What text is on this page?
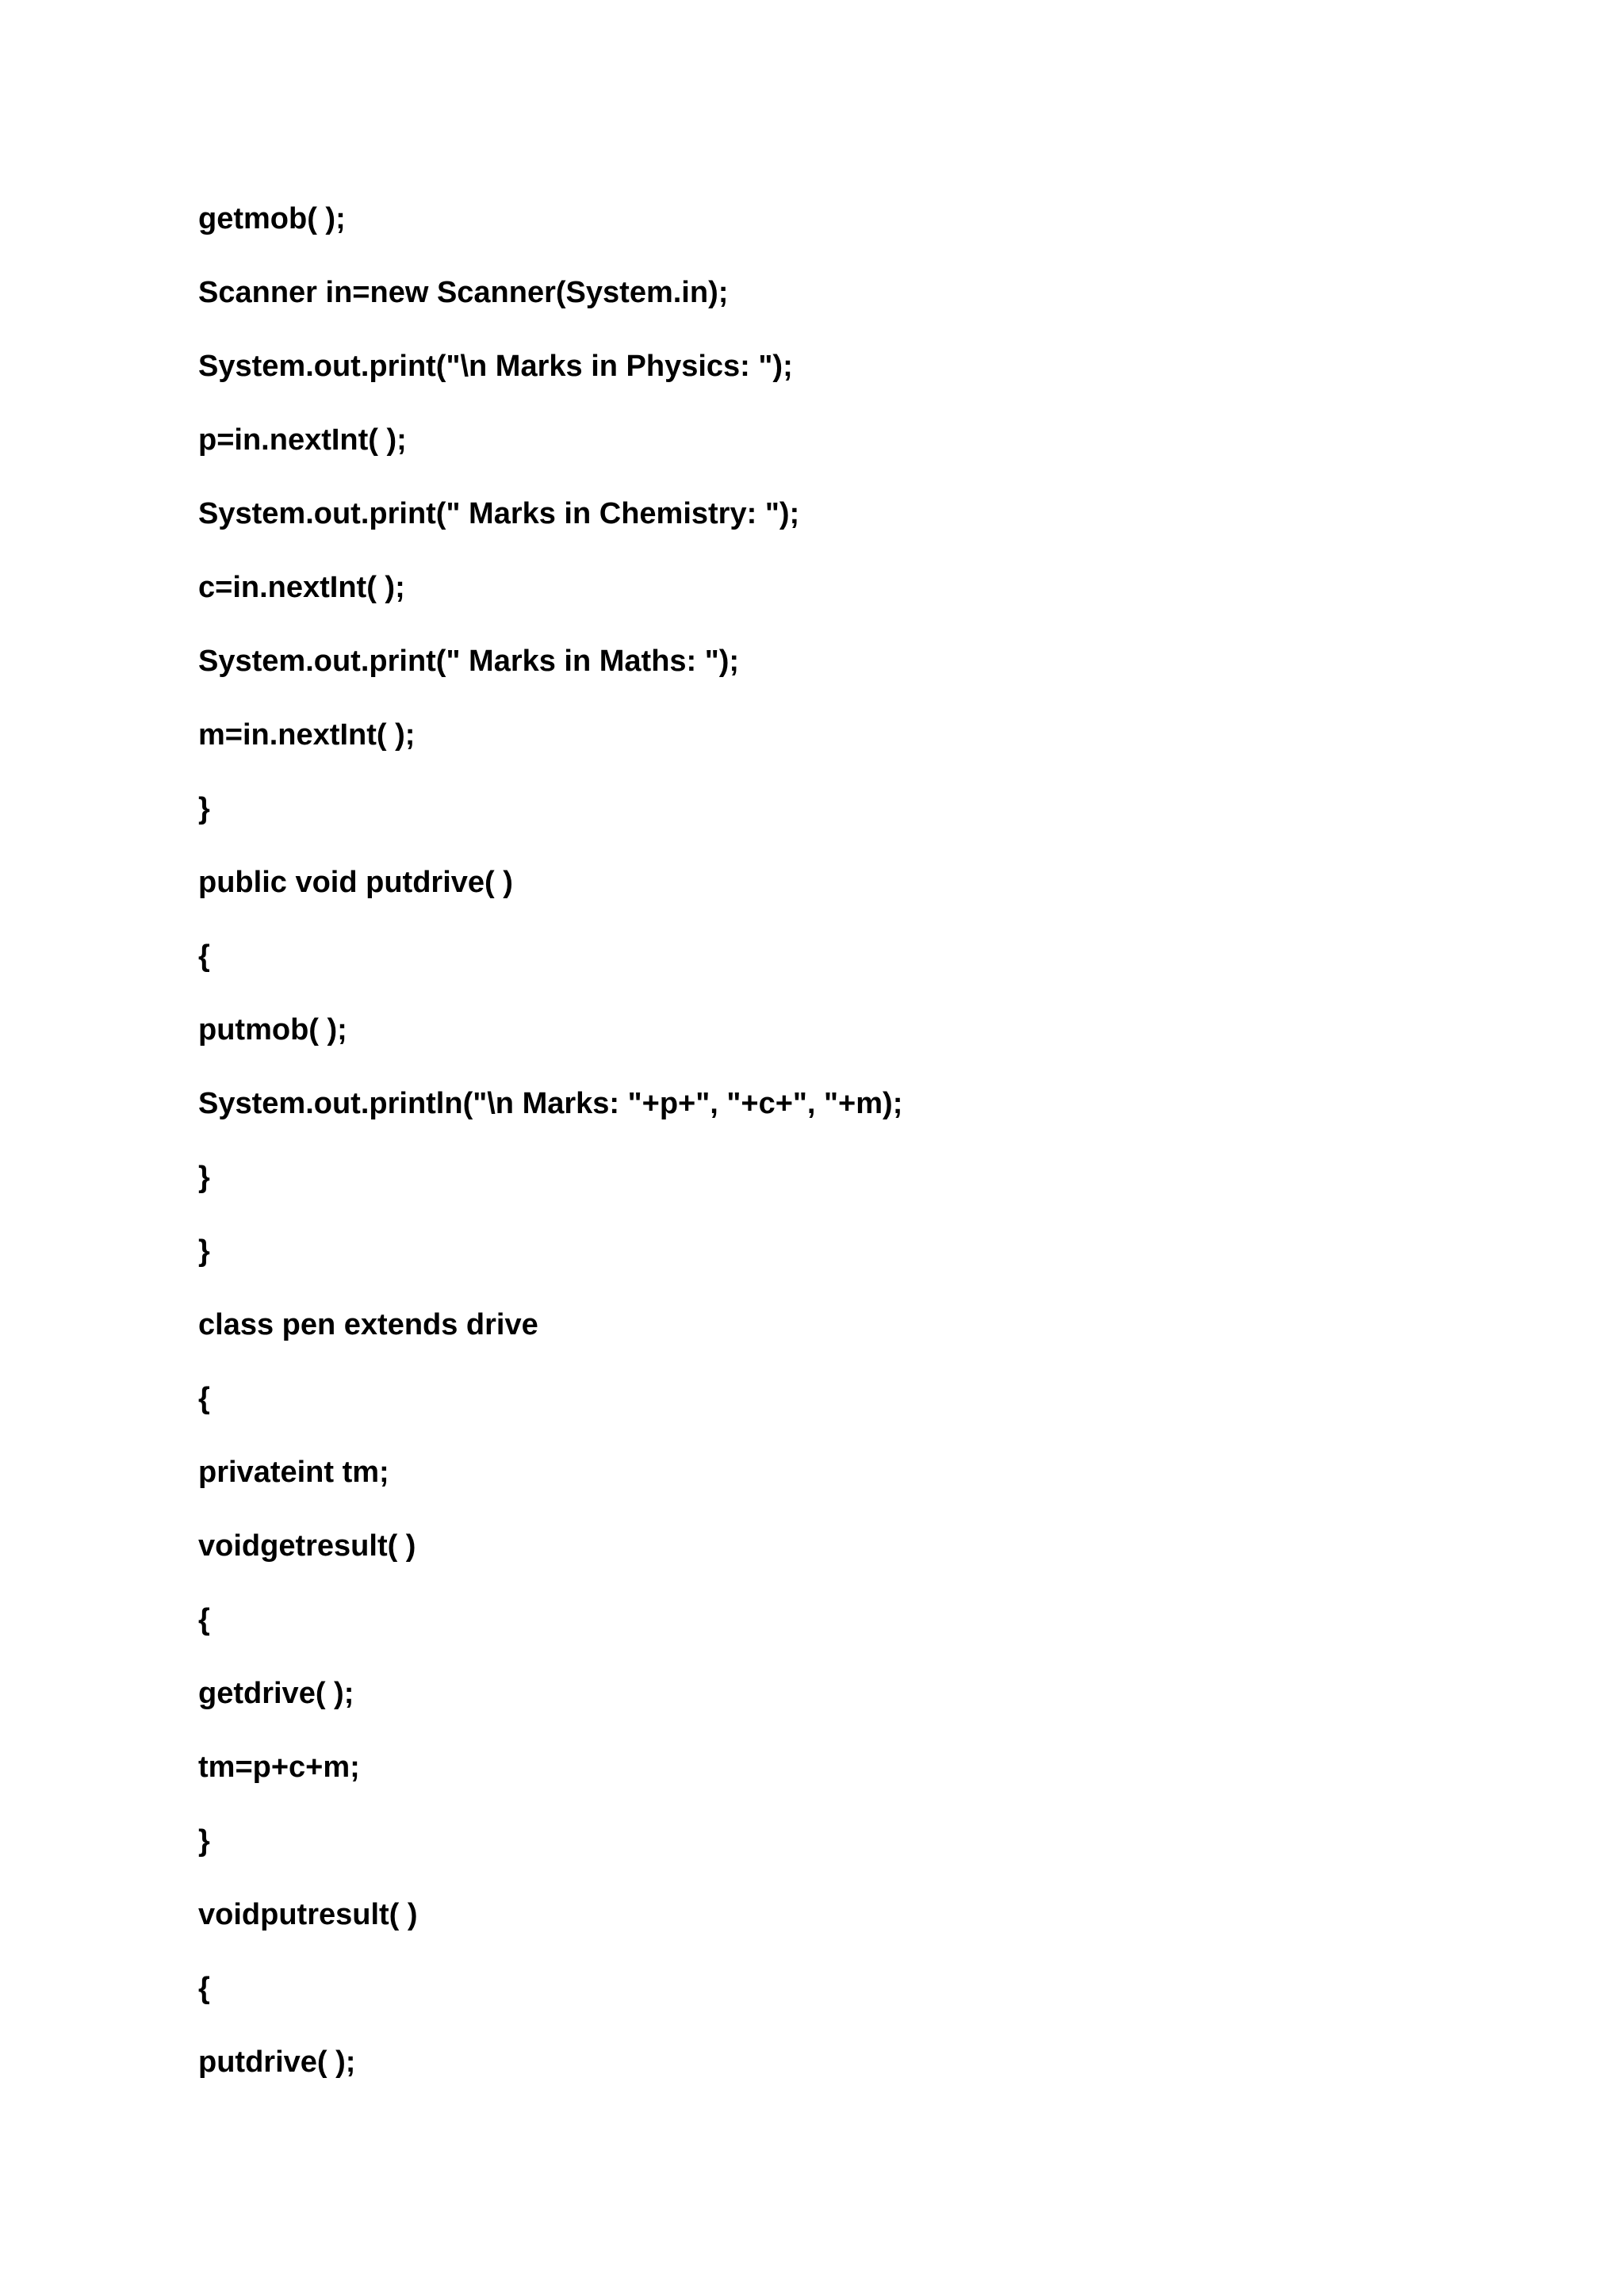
getmob( );
Scanner in=new Scanner(System.in);
System.out.print("\n Marks in Physics: ");
p=in.nextInt( );
System.out.print(" Marks in Chemistry: ");
c=in.nextInt( );
System.out.print(" Marks in Maths: ");
m=in.nextInt( );
}
public void putdrive( )
{
putmob( );
System.out.println("\n Marks: "+p+", "+c+", "+m);
}
}
class pen extends drive
{
privateint tm;
voidgetresult( )
{
getdrive( );
tm=p+c+m;
}
voidputresult( )
{
putdrive( );
